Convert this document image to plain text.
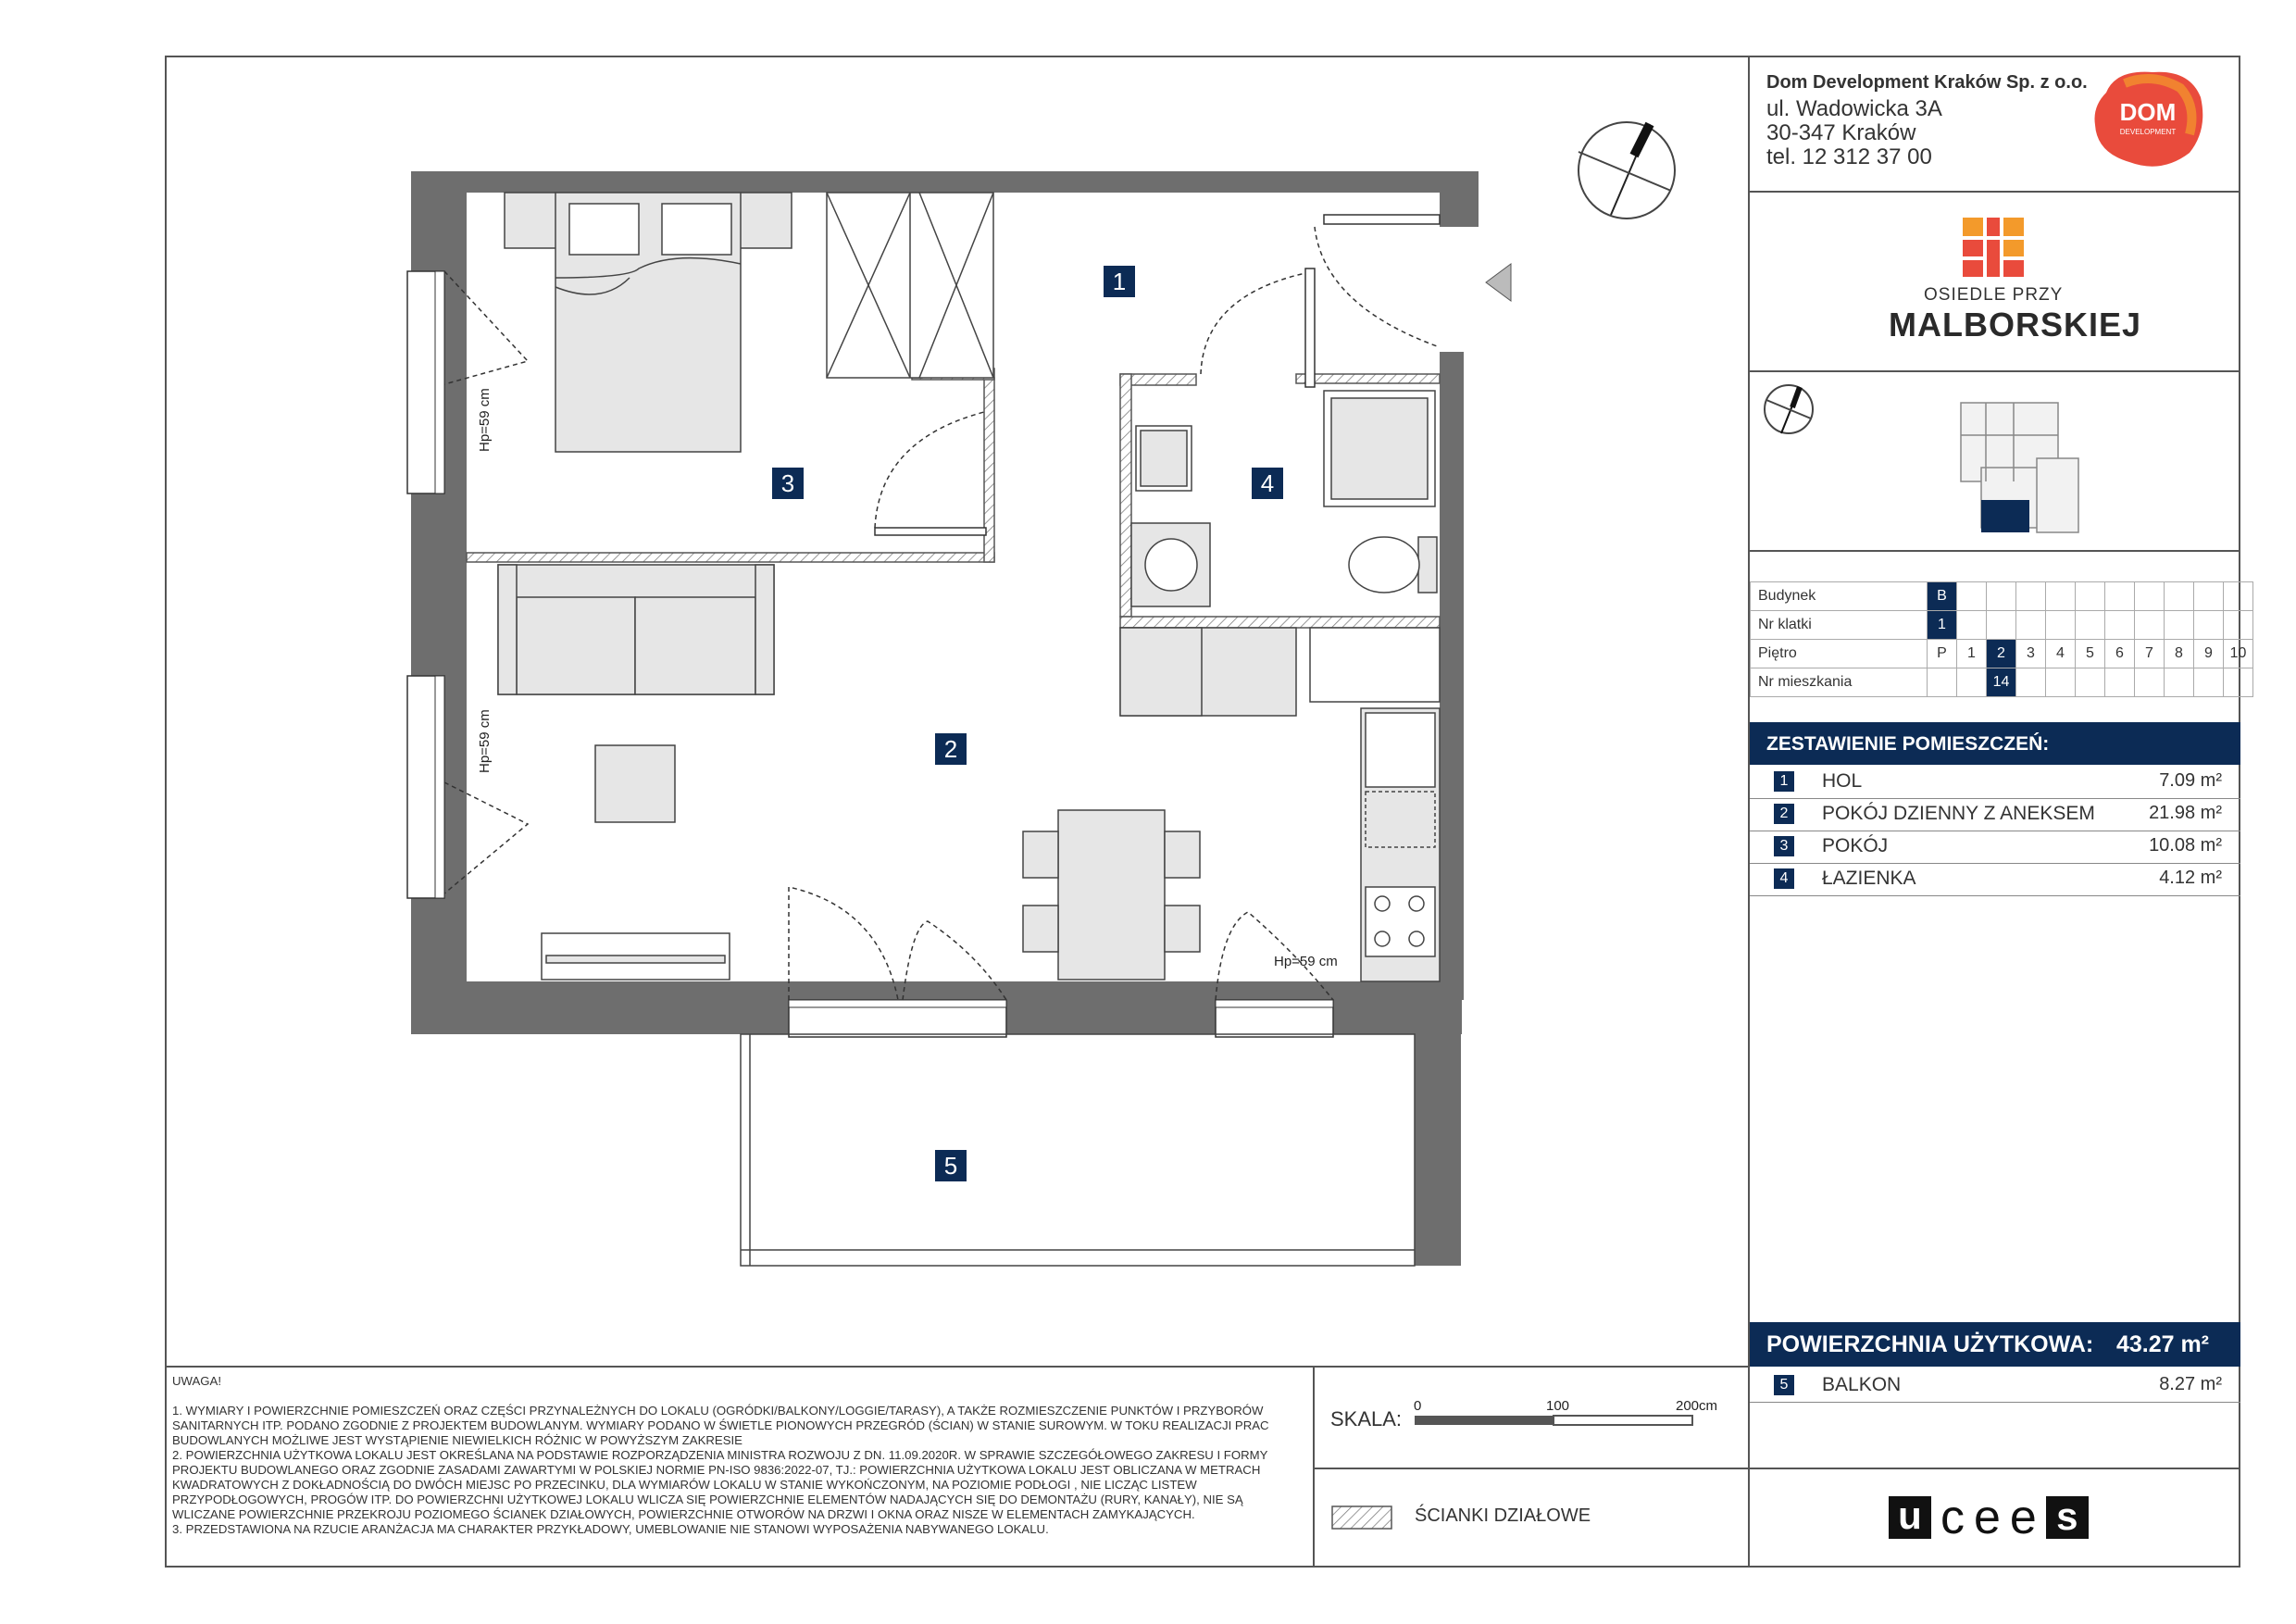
1
2
3	4
5
Hp=59 cm
Hp=59 cm
Hp=59 cm
Dom Development Kraków Sp. z o.o.
ul. Wadowicka 3A
30-347 Kraków
tel. 12 312 37 00
DOM
DEVELOPMENT
OSIEDLE PRZY
MALBORSKIEJ
Budynek	B										
Nr klatki	1										
Piętro	P	1	2	3	4	5	6	7	8	9	10
Nr mieszkania			14								
ZESTAWIENIE POMIESZCZEŃ:
1	HOL	7.09 m²
2	POKÓJ DZIENNY Z ANEKSEM	21.98 m²
3	POKÓJ	10.08 m²
4	ŁAZIENKA	4.12 m²
POWIERZCHNIA UŻYTKOWA: 43.27 m²
5	BALKON	8.27 m²

UWAGA!

1. WYMIARY I POWIERZCHNIE POMIESZCZEŃ ORAZ CZĘŚCI PRZYNALEŻNYCH DO LOKALU (OGRÓDKI/BALKONY/LOGGIE/TARASY), A TAKŻE ROZMIESZCZENIE PUNKTÓW I PRZYBORÓW SANITARNYCH ITP. PODANO ZGODNIE Z PROJEKTEM BUDOWLANYM. WYMIARY PODANO W ŚWIETLE PIONOWYCH PRZEGRÓD (ŚCIAN) W STANIE SUROWYM. W TOKU REALIZACJI PRAC BUDOWLANYCH MOŻLIWE JEST WYSTĄPIENIE NIEWIELKICH RÓŻNIC W POWYŻSZYM ZAKRESIE

2. POWIERZCHNIA UŻYTKOWA LOKALU JEST OKREŚLANA NA PODSTAWIE ROZPORZĄDZENIA MINISTRA ROZWOJU Z DN. 11.09.2020R. W SPRAWIE SZCZEGÓŁOWEGO ZAKRESU I FORMY PROJEKTU BUDOWLANEGO ORAZ ZGODNIE ZASADAMI ZAWARTYMI W POLSKIEJ NORMIE PN-ISO 9836:2022-07, TJ.: POWIERZCHNIA UŻYTKOWA LOKALU JEST OBLICZANA W METRACH KWADRATOWYCH Z DOKŁADNOŚCIĄ DO DWÓCH MIEJSC PO PRZECINKU, DLA WYMIARÓW LOKALU W STANIE WYKOŃCZONYM, NA POZIOMIE PODŁOGI , NIE LICZĄC LISTEW PRZYPODŁOGOWYCH, PROGÓW ITP. DO POWIERZCHNI UŻYTKOWEJ LOKALU WLICZA SIĘ POWIERZCHNIE ELEMENTÓW NADAJĄCYCH SIĘ DO DEMONTAŻU (RURY, KANAŁY), NIE SĄ WLICZANE POWIERZCHNIE PRZEKROJU POZIOMEGO ŚCIANEK DZIAŁOWYCH, POWIERZCHNIE OTWORÓW NA DRZWI I OKNA ORAZ NISZE W ELEMENTACH ZAMYKAJĄCYCH.

3. PRZEDSTAWIONA NA RZUCIE ARANŻACJA MA CHARAKTER PRZYKŁADOWY, UMEBLOWANIE NIE STANOWI WYPOSAŻENIA NABYWANEGO LOKALU.

SKALA:
0	100	200cm
ŚCIANKI DZIAŁOWE	u c e e s
